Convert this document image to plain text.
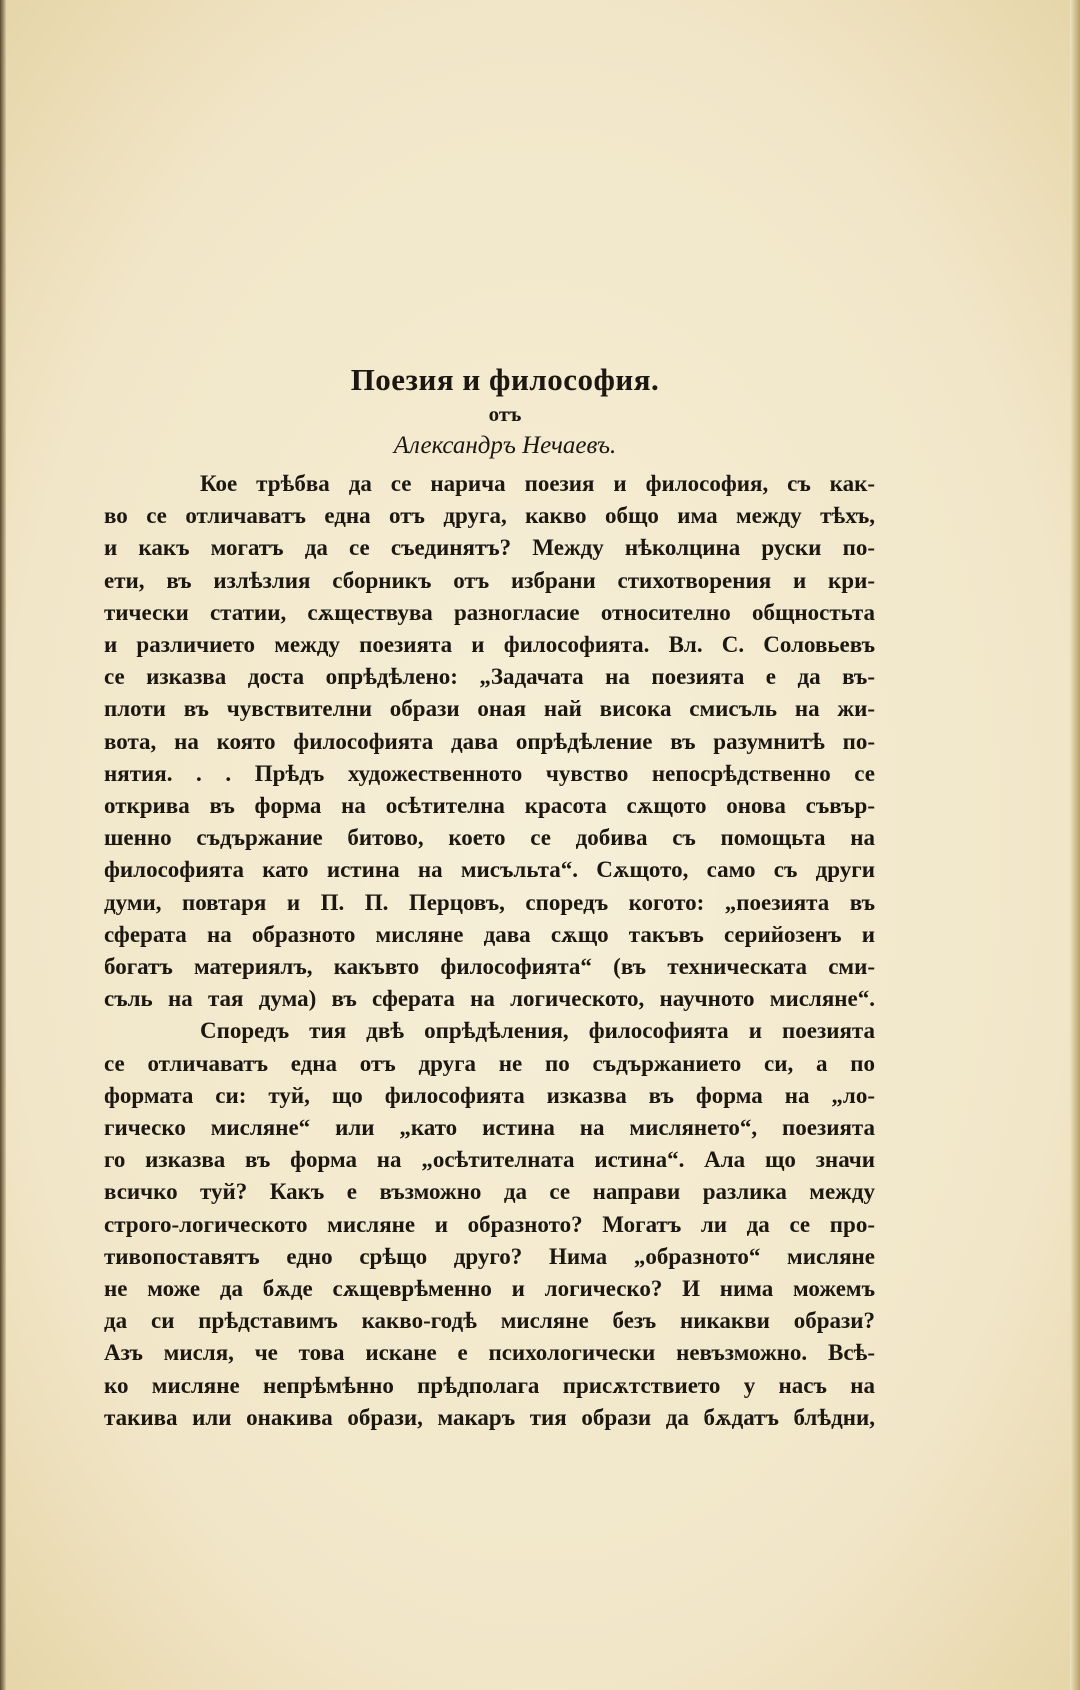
Поезия и философия.
отъ
Александръ Нечаевъ.
Кое трѣбва да се нарича поезия и философия, съ как-
во се отличаватъ една отъ друга, какво общо има между тѣхъ,
и какъ могатъ да се съединятъ? Между нѣколцина руски по-
ети, въ излѣзлия сборникъ отъ избрани стихотворения и кри-
тически статии, сѫществува разногласие относително общностьта
и различието между поезията и философията. Вл. С. Соловьевъ
се изказва доста опрѣдѣлено: „Задачата на поезията е да въ-
плоти въ чувствителни образи оная най висока смисъль на жи-
вота, на която философията дава опрѣдѣление въ разумнитѣ по-
нятия. . . Прѣдъ художественното чувство непосрѣдственно се
открива въ форма на осѣтителна красота сѫщото онова съвър-
шенно съдържание битово, което се добива съ помощьта на
философията като истина на мисъльта“. Сѫщото, само съ други
думи, повтаря и П. П. Перцовъ, споредъ когото: „поезията въ
сферата на образното мисляне дава сѫщо такъвъ серийозенъ и
богатъ материялъ, какъвто философията“ (въ техническата сми-
съль на тая дума) въ сферата на логическото, научното мисляне“.
Споредъ тия двѣ опрѣдѣления, философията и поезията
се отличаватъ една отъ друга не по съдържанието си, а по
формата си: туй, що философията изказва въ форма на „ло-
гическо мисляне“ или „като истина на мислянето“, поезията
го изказва въ форма на „осѣтителната истина“. Ала що значи
всичко туй? Какъ е възможно да се направи разлика между
строго-логическото мисляне и образното? Могатъ ли да се про-
тивопоставятъ едно срѣщо друго? Нима „образното“ мисляне
не може да бѫде сѫщеврѣменно и логическо? И нима можемъ
да си прѣдставимъ какво-годѣ мисляне безъ никакви образи?
Азъ мисля, че това искане е психологически невъзможно. Всѣ-
ко мисляне непрѣмѣнно прѣдполага присѫтствието у насъ на
такива или онакива образи, макаръ тия образи да бѫдатъ блѣдни,
